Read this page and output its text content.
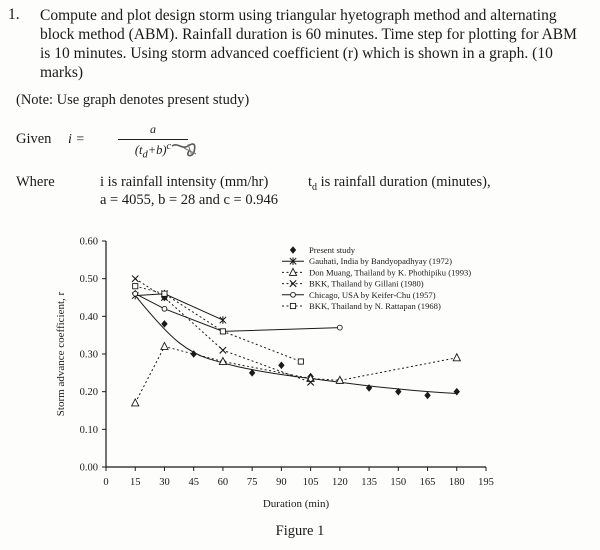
1. Compute and plot design storm using triangular hyetograph method and alternating block method (ABM). Rainfall duration is 60 minutes. Time step for plotting for ABM is 10 minutes. Using storm advanced coefficient (r) which is shown in a graph. (10 marks)
(Note: Use graph denotes present study)
Given i =
a
$(t_d+b)^c$
Where	i is rainfall intensity (mm/hr)
a = 4055, b = 28 and c = 0.946
$t_d$ is rainfall duration (minutes),
0.00
0.10
0.20
0.30
0.40
0.50
0.60
0 15 30 45 60 75 90 105 120 135 150 165 180 195
Duration (min)
Storm advance coefficient, r
Present study
Gauhati, India by Bandyopadhyay (1972)
Don Muang, Thailand by K. Phothipiku (1993)
BKK, Thailand by Gillani (1980)
Chicago, USA by Keifer-Chu (1957)
BKK, Thailand by N. Rattapan (1968)
Figure 1
